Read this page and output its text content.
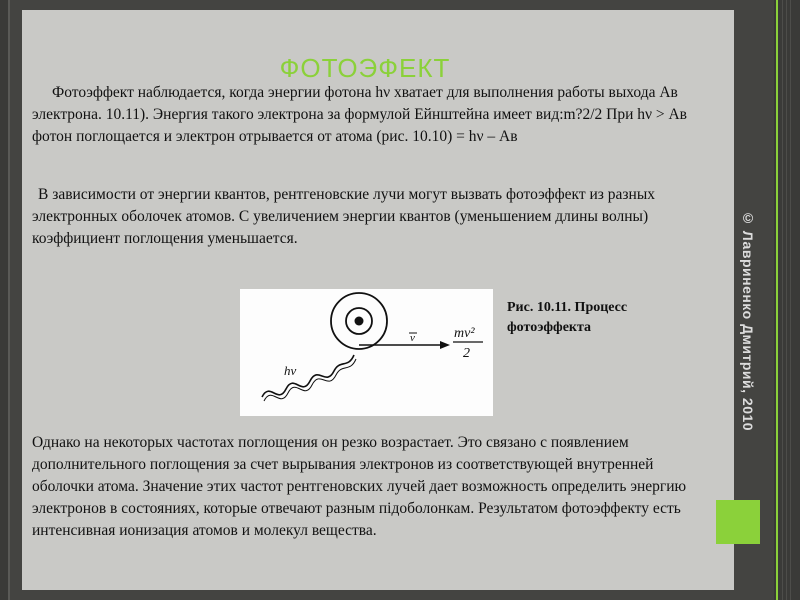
ФОТОЭФЕКТ

Фотоэффект наблюдается, когда энергии фотона hν хватает для выполнения работы выхода Ав электрона. 10.11). Энергия такого электрона за формулой Ейнштейна имеет вид:m?2/2 При hν > Ав фотон поглощается и электрон отрывается от атома (рис. 10.10) = hν – Ав

В зависимости от энергии квантов, рентгеновские лучи могут вызвать фотоэффект из разных электронных оболочек атомов. С увеличением энергии квантов (уменьшением длины волны) коэффициент поглощения уменьшается.

hν
v	mv²
2
Рис. 10.11. Процесс
фотоэффекта

Однако на некоторых частотах поглощения он резко возрастает. Это связано с появлением дополнительного поглощения за счет вырывания электронов из соответствующей внутренней оболочки атома. Значение этих частот рентгеновских лучей дает возможность определить энергию электронов в состояниях, которые отвечают разным пiдоболонкам. Результатом фотоэффекту есть интенсивная ионизация атомов и молекул вещества.

© Лавриненко Дмитрий, 2010
